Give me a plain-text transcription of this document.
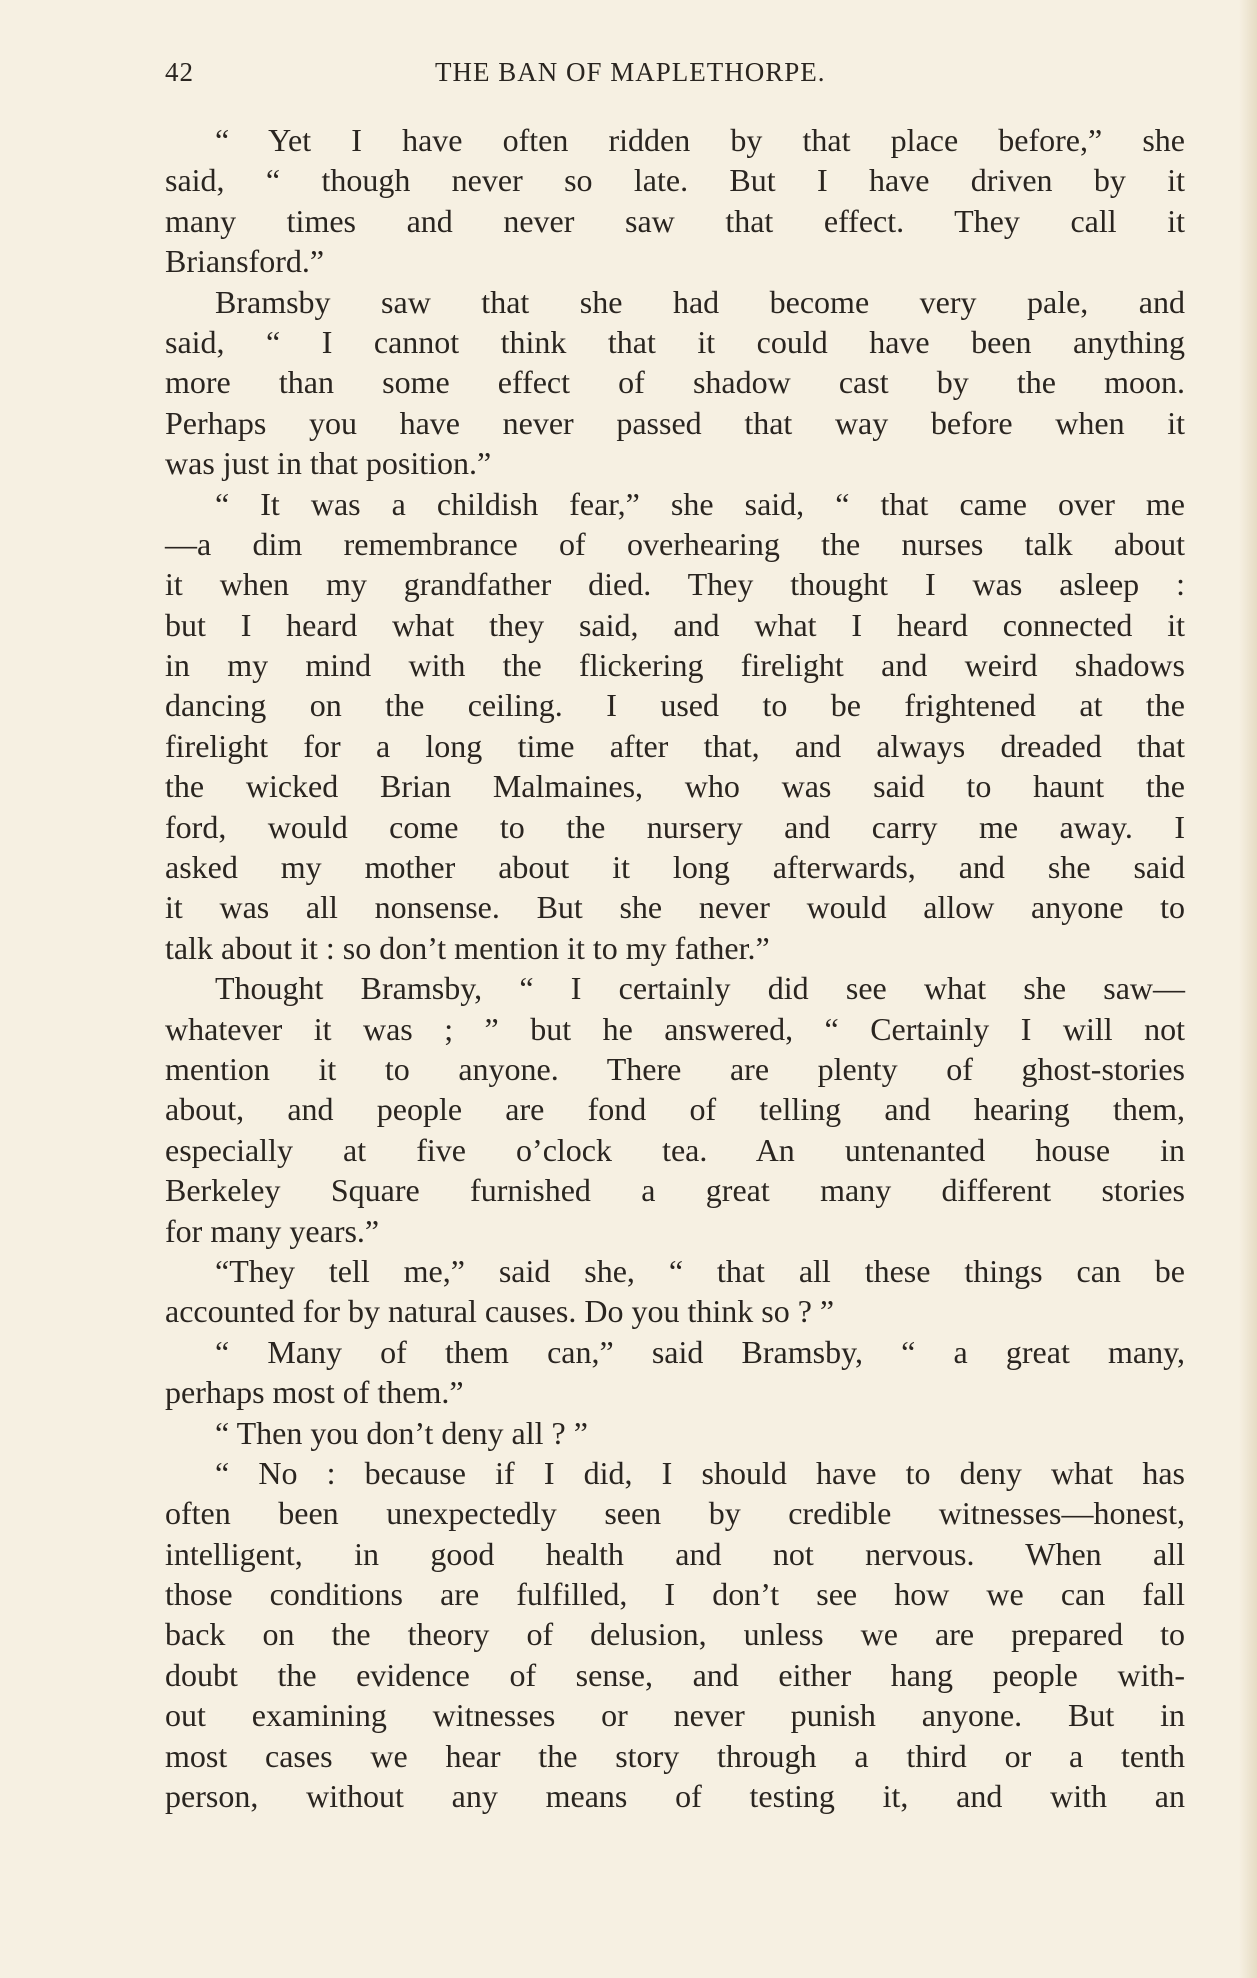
42	THE BAN OF MAPLETHORPE.
“ Yet I have often ridden by that place before,” she
said, “ though never so late. But I have driven by it
many times and never saw that effect. They call it
Briansford.”
Bramsby saw that she had become very pale, and
said, “ I cannot think that it could have been anything
more than some effect of shadow cast by the moon.
Perhaps you have never passed that way before when it
was just in that position.”
“ It was a childish fear,” she said, “ that came over me
—a dim remembrance of overhearing the nurses talk about
it when my grandfather died. They thought I was asleep :
but I heard what they said, and what I heard connected it
in my mind with the flickering firelight and weird shadows
dancing on the ceiling. I used to be frightened at the
firelight for a long time after that, and always dreaded that
the wicked Brian Malmaines, who was said to haunt the
ford, would come to the nursery and carry me away. I
asked my mother about it long afterwards, and she said
it was all nonsense. But she never would allow anyone to
talk about it : so don’t mention it to my father.”
Thought Bramsby, “ I certainly did see what she saw—
whatever it was ; ” but he answered, “ Certainly I will not
mention it to anyone. There are plenty of ghost-stories
about, and people are fond of telling and hearing them,
especially at five o’clock tea. An untenanted house in
Berkeley Square furnished a great many different stories
for many years.”
“They tell me,” said she, “ that all these things can be
accounted for by natural causes. Do you think so ? ”
“ Many of them can,” said Bramsby, “ a great many,
perhaps most of them.”
“ Then you don’t deny all ? ”
“ No : because if I did, I should have to deny what has
often been unexpectedly seen by credible witnesses—honest,
intelligent, in good health and not nervous. When all
those conditions are fulfilled, I don’t see how we can fall
back on the theory of delusion, unless we are prepared to
doubt the evidence of sense, and either hang people with-
out examining witnesses or never punish anyone. But in
most cases we hear the story through a third or a tenth
person, without any means of testing it, and with an
